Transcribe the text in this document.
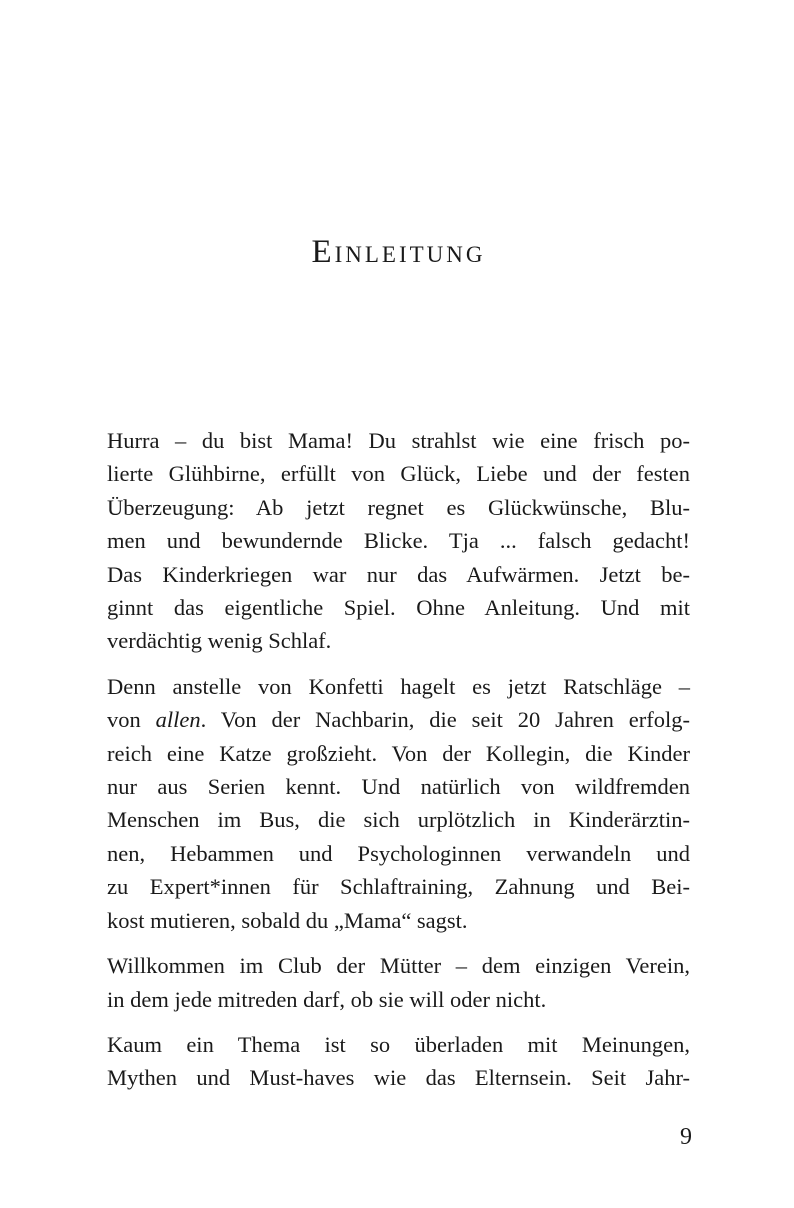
Einleitung
Hurra – du bist Mama! Du strahlst wie eine frisch po-
lierte Glühbirne, erfüllt von Glück, Liebe und der festen
Überzeugung: Ab jetzt regnet es Glückwünsche, Blu-
men und bewundernde Blicke. Tja ... falsch gedacht!
Das Kinderkriegen war nur das Aufwärmen. Jetzt be-
ginnt das eigentliche Spiel. Ohne Anleitung. Und mit
verdächtig wenig Schlaf.
Denn anstelle von Konfetti hagelt es jetzt Ratschläge –
von allen. Von der Nachbarin, die seit 20 Jahren erfolg-
reich eine Katze großzieht. Von der Kollegin, die Kinder
nur aus Serien kennt. Und natürlich von wildfremden
Menschen im Bus, die sich urplötzlich in Kinderärztin-
nen, Hebammen und Psychologinnen verwandeln und
zu Expert*innen für Schlaftraining, Zahnung und Bei-
kost mutieren, sobald du „Mama“ sagst.
Willkommen im Club der Mütter – dem einzigen Verein,
in dem jede mitreden darf, ob sie will oder nicht.
Kaum ein Thema ist so überladen mit Meinungen,
Mythen und Must-haves wie das Elternsein. Seit Jahr-
9
